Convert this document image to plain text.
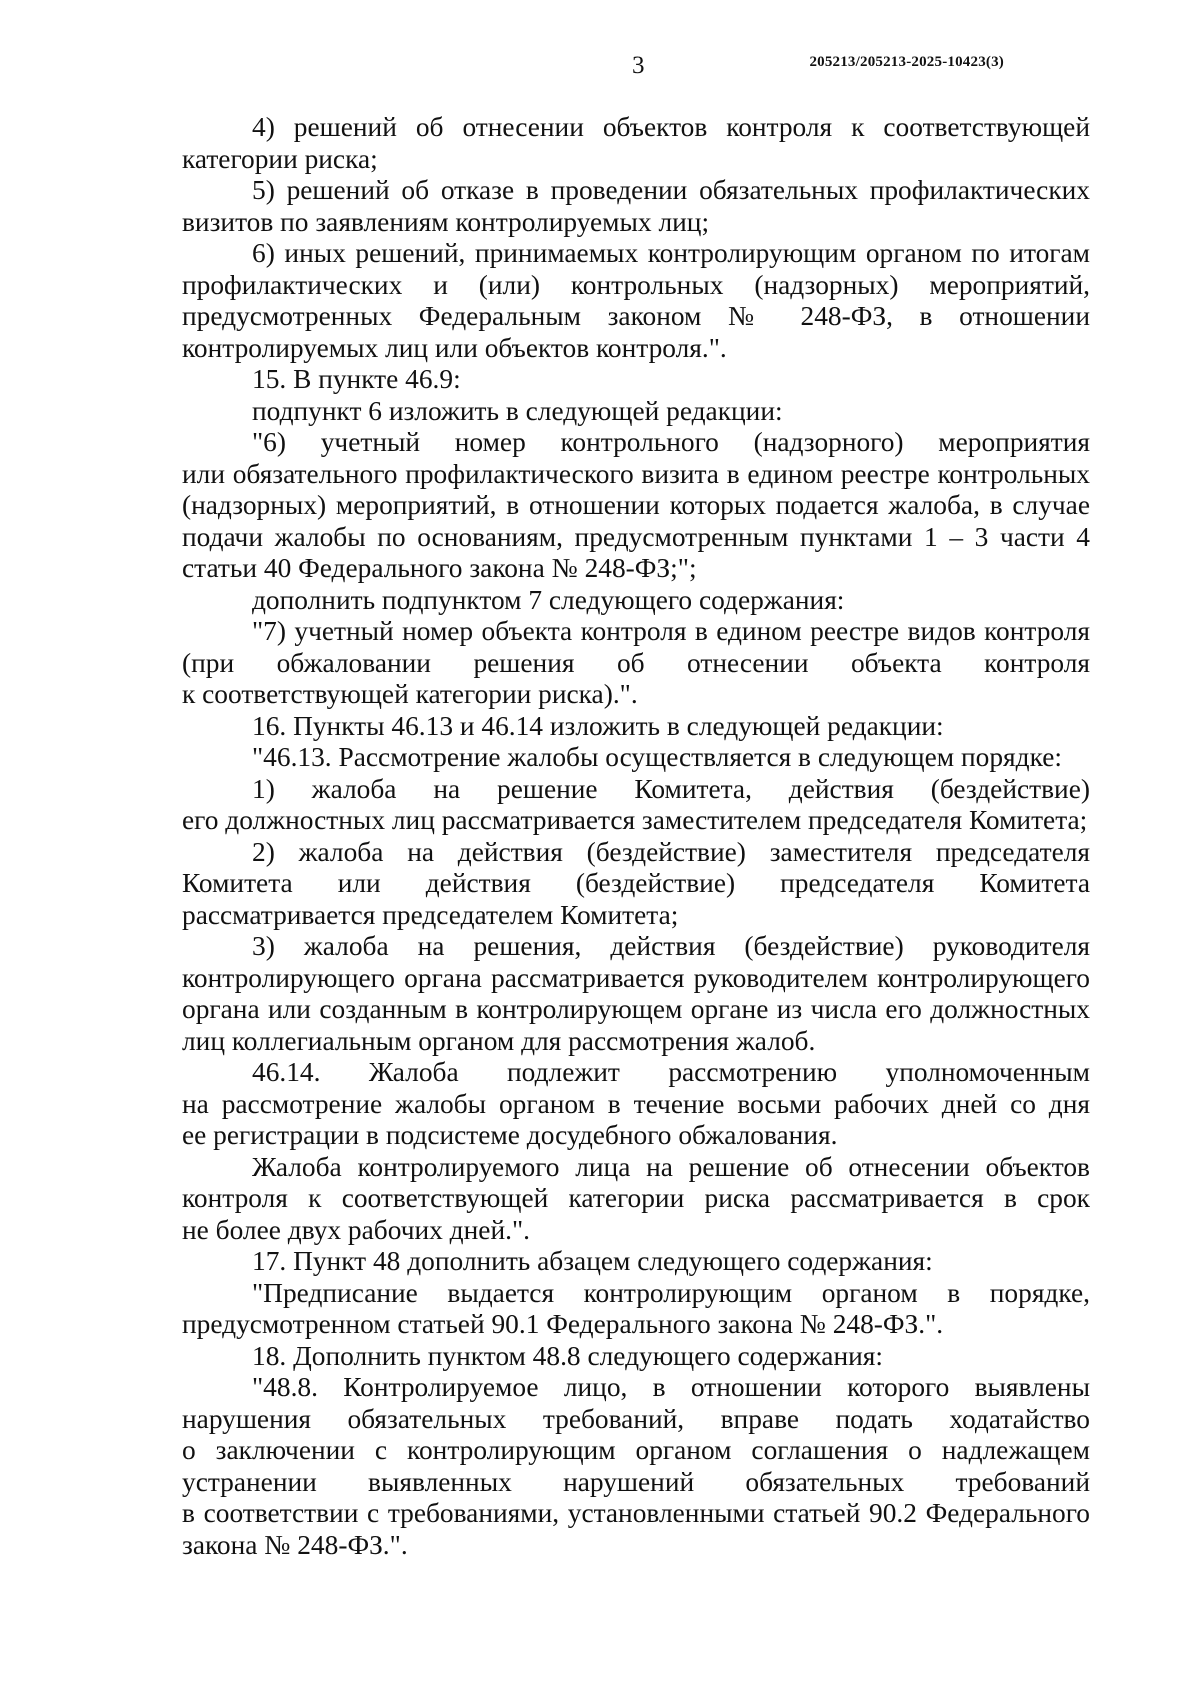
3	205213/205213-2025-10423(3)
4) решений об отнесении объектов контроля к соответствующей
категории риска;
5) решений об отказе в проведении обязательных профилактических
визитов по заявлениям контролируемых лиц;
6) иных решений, принимаемых контролирующим органом по итогам
профилактических и (или) контрольных (надзорных) мероприятий,
предусмотренных Федеральным законом № 248-ФЗ, в отношении
контролируемых лиц или объектов контроля.".
15. В пункте 46.9:
подпункт 6 изложить в следующей редакции:
"6) учетный номер контрольного (надзорного) мероприятия
или обязательного профилактического визита в едином реестре контрольных
(надзорных) мероприятий, в отношении которых подается жалоба, в случае
подачи жалобы по основаниям, предусмотренным пунктами 1 – 3 части 4
статьи 40 Федерального закона № 248-ФЗ;";
дополнить подпунктом 7 следующего содержания:
"7) учетный номер объекта контроля в едином реестре видов контроля
(при обжаловании решения об отнесении объекта контроля
к соответствующей категории риска).".
16. Пункты 46.13 и 46.14 изложить в следующей редакции:
"46.13. Рассмотрение жалобы осуществляется в следующем порядке:
1) жалоба на решение Комитета, действия (бездействие)
его должностных лиц рассматривается заместителем председателя Комитета;
2) жалоба на действия (бездействие) заместителя председателя
Комитета или действия (бездействие) председателя Комитета
рассматривается председателем Комитета;
3) жалоба на решения, действия (бездействие) руководителя
контролирующего органа рассматривается руководителем контролирующего
органа или созданным в контролирующем органе из числа его должностных
лиц коллегиальным органом для рассмотрения жалоб.
46.14. Жалоба подлежит рассмотрению уполномоченным
на рассмотрение жалобы органом в течение восьми рабочих дней со дня
ее регистрации в подсистеме досудебного обжалования.
Жалоба контролируемого лица на решение об отнесении объектов
контроля к соответствующей категории риска рассматривается в срок
не более двух рабочих дней.".
17. Пункт 48 дополнить абзацем следующего содержания:
"Предписание выдается контролирующим органом в порядке,
предусмотренном статьей 90.1 Федерального закона № 248-ФЗ.".
18. Дополнить пунктом 48.8 следующего содержания:
"48.8. Контролируемое лицо, в отношении которого выявлены
нарушения обязательных требований, вправе подать ходатайство
о заключении с контролирующим органом соглашения о надлежащем
устранении выявленных нарушений обязательных требований
в соответствии с требованиями, установленными статьей 90.2 Федерального
закона № 248-ФЗ.".
